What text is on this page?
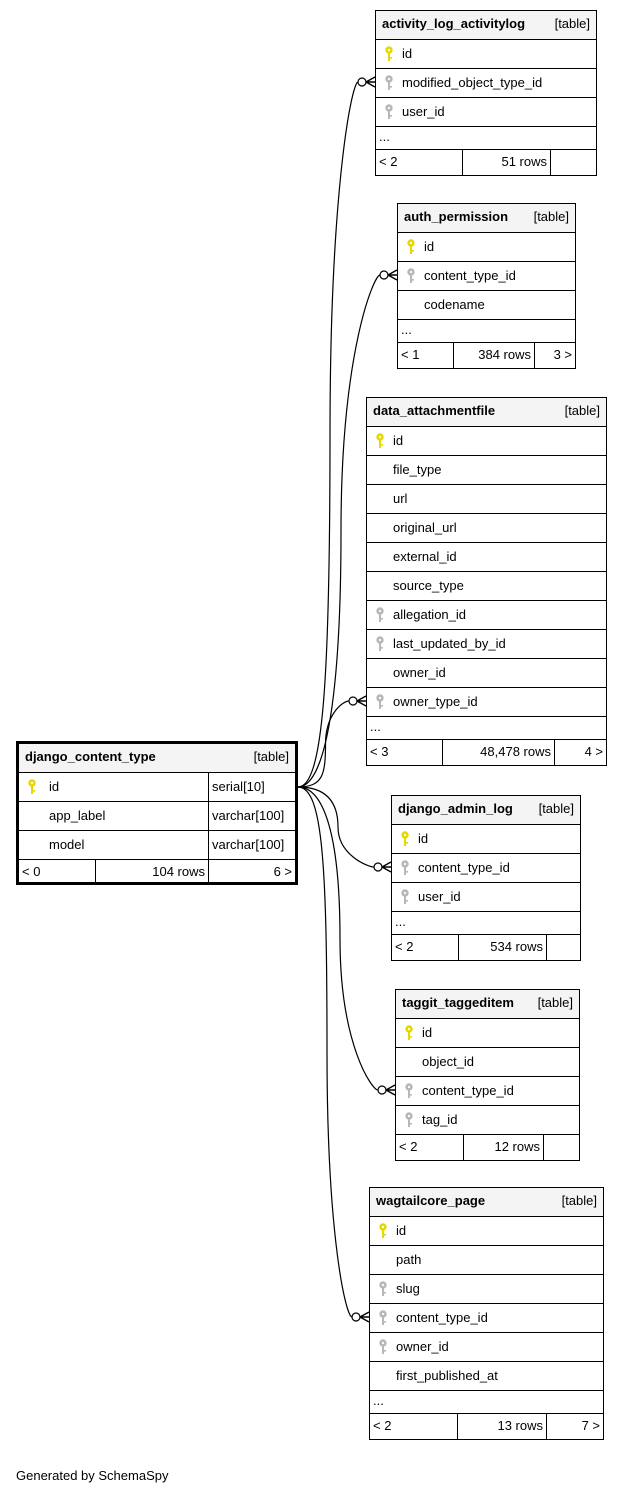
django_content_type	[table]
id	serial[10]
app_label	varchar[100]
model	varchar[100]
< 0	104 rows	6 >
activity_log_activitylog [table]
id
modified_object_type_id
user_id
...
< 2	51 rows
auth_permission [table]
id
content_type_id
codename
...
< 1	384 rows 3 >
data_attachmentfile	[table]
id
file_type
url
original_url
external_id
source_type
allegation_id
last_updated_by_id
owner_id
owner_type_id
...
< 3	48,478 rows	4 >
django_admin_log [table]
id
content_type_id
user_id
...
< 2	534 rows
taggit_taggeditem [table]
id
object_id
content_type_id
tag_id
< 2	12 rows
wagtailcore_page	[table]
id
path
slug
content_type_id
owner_id
first_published_at
...
< 2	13 rows	7 >
Generated by SchemaSpy
